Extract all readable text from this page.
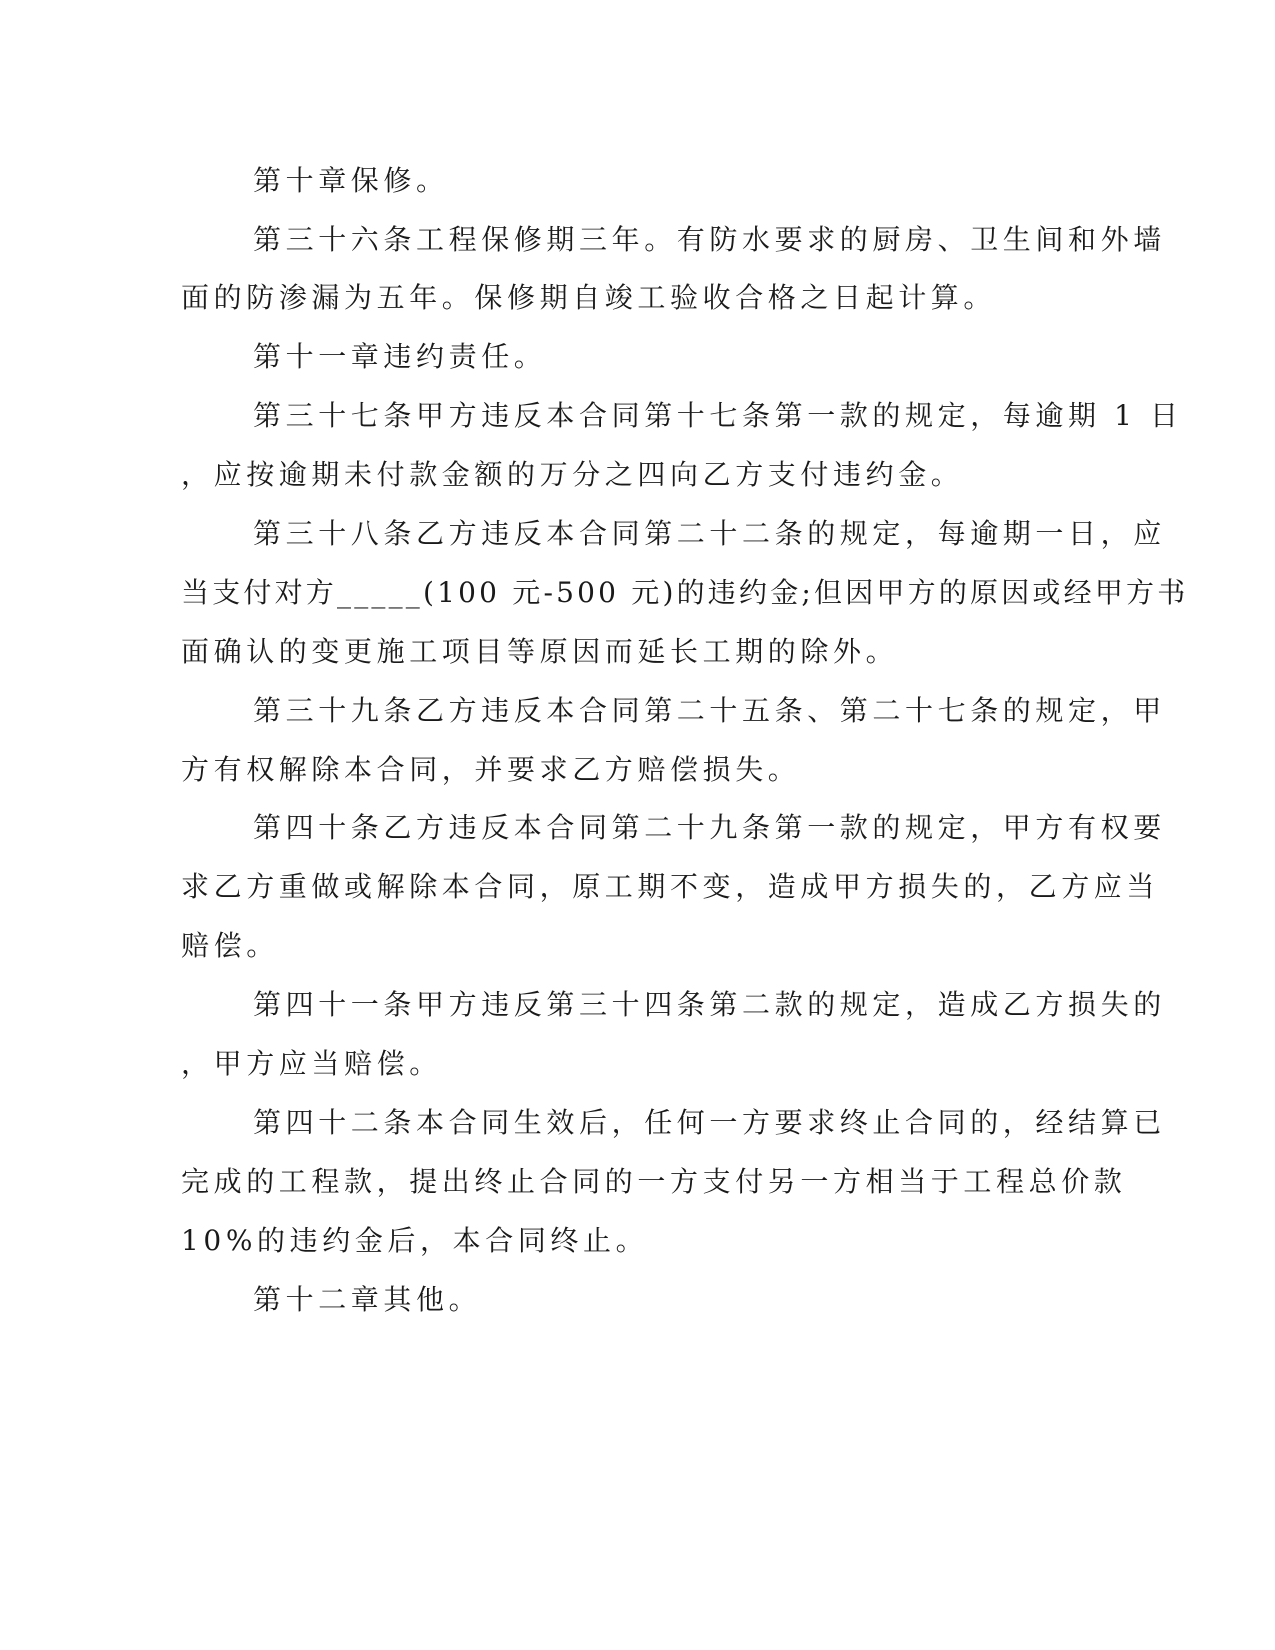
第十章保修。
第三十六条工程保修期三年。有防水要求的厨房、卫生间和外墙
面的防渗漏为五年。保修期自竣工验收合格之日起计算。
第十一章违约责任。
第三十七条甲方违反本合同第十七条第一款的规定，每逾期 1 日
，应按逾期未付款金额的万分之四向乙方支付违约金。
第三十八条乙方违反本合同第二十二条的规定，每逾期一日，应
当支付对方_____(100 元-500 元)的违约金;但因甲方的原因或经甲方书
面确认的变更施工项目等原因而延长工期的除外。
第三十九条乙方违反本合同第二十五条、第二十七条的规定，甲
方有权解除本合同，并要求乙方赔偿损失。
第四十条乙方违反本合同第二十九条第一款的规定，甲方有权要
求乙方重做或解除本合同，原工期不变，造成甲方损失的，乙方应当
赔偿。
第四十一条甲方违反第三十四条第二款的规定，造成乙方损失的
，甲方应当赔偿。
第四十二条本合同生效后，任何一方要求终止合同的，经结算已
完成的工程款，提出终止合同的一方支付另一方相当于工程总价款
10%的违约金后，本合同终止。
第十二章其他。
